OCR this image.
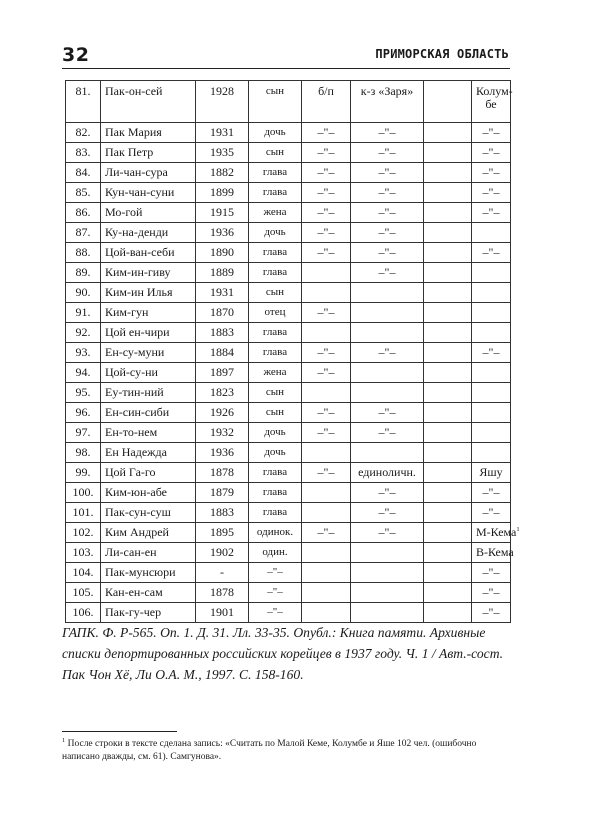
32	ПРИМОРСКАЯ ОБЛАСТЬ
81.	Пак-он-сей	1928	сын	б/п	к-з «Заря»		Колум-бе
82.	Пак Мария	1931	дочь	–"–	–"–		–"–
83.	Пак Петр	1935	сын	–"–	–"–		–"–
84.	Ли-чан-сура	1882	глава	–"–	–"–		–"–
85.	Кун-чан-суни	1899	глава	–"–	–"–		–"–
86.	Мо-гой	1915	жена	–"–	–"–		–"–
87.	Ку-на-денди	1936	дочь	–"–	–"–		
88.	Цой-ван-себи	1890	глава	–"–	–"–		–"–
89.	Ким-ин-гиву	1889	глава		–"–		
90.	Ким-ин Илья	1931	сын				
91.	Ким-гун	1870	отец	–"–			
92.	Цой ен-чири	1883	глава				
93.	Ен-су-муни	1884	глава	–"–	–"–		–"–
94.	Цой-су-ни	1897	жена	–"–			
95.	Еу-тин-ний	1823	сын				
96.	Ен-син-сиби	1926	сын	–"–	–"–		
97.	Ен-то-нем	1932	дочь	–"–	–"–		
98.	Ен Надежда	1936	дочь				
99.	Цой Га-го	1878	глава	–"–	единоличн.		Яшу
100.	Ким-юн-абе	1879	глава		–"–		–"–
101.	Пак-сун-суш	1883	глава		–"–		–"–
102.	Ким Андрей	1895	одинок.	–"–	–"–		М-Кема$^1$
103.	Ли-сан-ен	1902	один.				В-Кема
104.	Пак-мунсюри	-	–"–				–"–
105.	Кан-ен-сам	1878	–"–				–"–
106.	Пак-гу-чер	1901	–"–				–"–

ГАПК. Ф. Р-565. Оп. 1. Д. 31. Лл. 33-35. Опубл.: Книга памяти. Архивные списки депортированных российских корейцев в 1937 году. Ч. 1 / Авт.-сост. Пак Чон Хё, Ли О.А. М., 1997. С. 158-160.

$^1$ После строки в тексте сделана запись: «Считать по Малой Кеме, Колумбе и Яше 102 чел. (ошибочно написано дважды, см. 61). Самгунова».
